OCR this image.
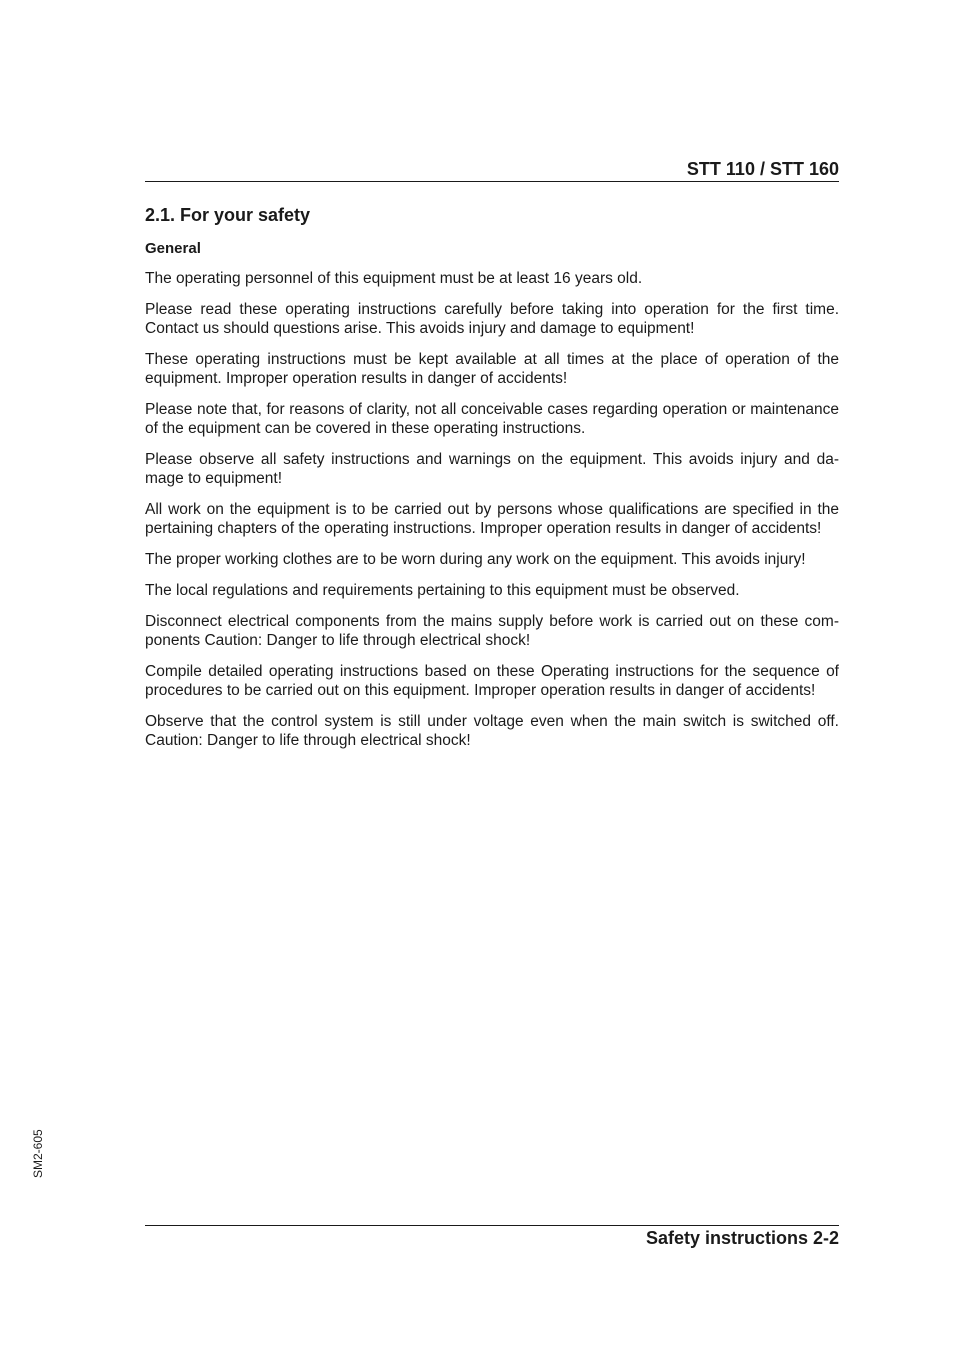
STT 110 / STT 160
2.1. For your safety
General

The operating personnel of this equipment must be at least 16 years old.

Please read these operating instructions carefully before taking into operation for the first time. Contact us should questions arise. This avoids injury and damage to equipment!

These operating instructions must be kept available at all times at the place of operation of the equipment. Improper operation results in danger of accidents!

Please note that, for reasons of clarity, not all conceivable cases regarding operation or maintenance of the equipment can be covered in these operating instructions.

Please observe all safety instructions and warnings on the equipment. This avoids injury and damage to equipment!

All work on the equipment is to be carried out by persons whose qualifications are specified in the pertaining chapters of the operating instructions. Improper operation results in danger of accidents!

The proper working clothes are to be worn during any work on the equipment. This avoids injury!

The local regulations and requirements pertaining to this equipment must be observed.

Disconnect electrical components from the mains supply before work is carried out on these components Caution: Danger to life through electrical shock!

Compile detailed operating instructions based on these Operating instructions for the sequence of procedures to be carried out on this equipment. Improper operation results in danger of accidents!

Observe that the control system is still under voltage even when the main switch is switched off. Caution: Danger to life through electrical shock!

SM2-605
Safety instructions 2-2
